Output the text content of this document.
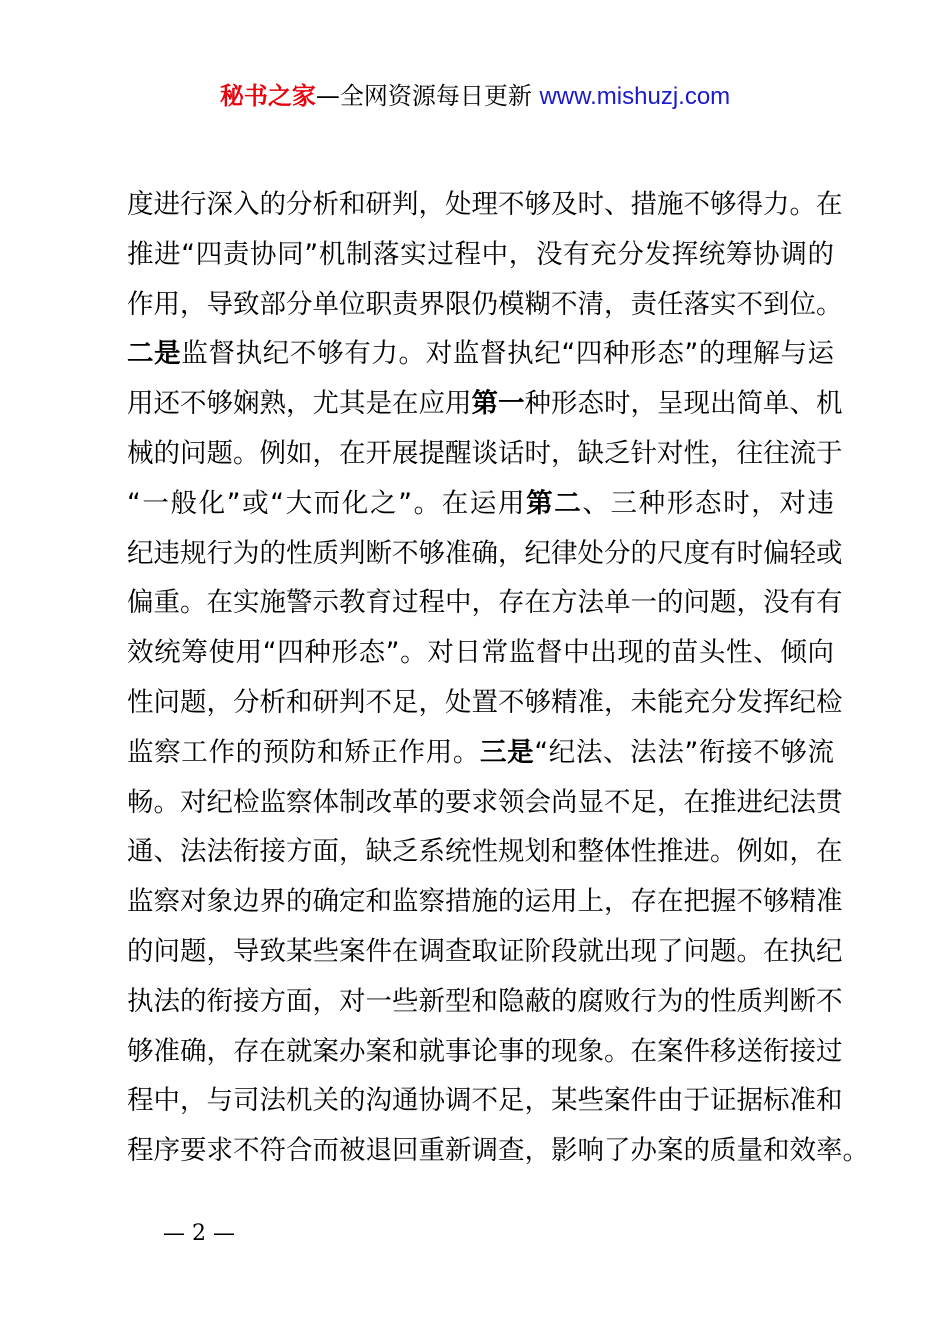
秘书之家—全网资源每日更新 www.mishuzj.com
度进行深入的分析和研判，处理不够及时、措施不够得力。在
推进“四责协同”机制落实过程中，没有充分发挥统筹协调的
作用，导致部分单位职责界限仍模糊不清，责任落实不到位。
二是监督执纪不够有力。对监督执纪“四种形态”的理解与运
用还不够娴熟，尤其是在应用第一种形态时，呈现出简单、机
械的问题。例如，在开展提醒谈话时，缺乏针对性，往往流于
“一般化”或“大而化之”。在运用第二、三种形态时，对违
纪违规行为的性质判断不够准确，纪律处分的尺度有时偏轻或
偏重。在实施警示教育过程中，存在方法单一的问题，没有有
效统筹使用“四种形态”。对日常监督中出现的苗头性、倾向
性问题，分析和研判不足，处置不够精准，未能充分发挥纪检
监察工作的预防和矫正作用。三是“纪法、法法”衔接不够流
畅。对纪检监察体制改革的要求领会尚显不足，在推进纪法贯
通、法法衔接方面，缺乏系统性规划和整体性推进。例如，在
监察对象边界的确定和监察措施的运用上，存在把握不够精准
的问题，导致某些案件在调查取证阶段就出现了问题。在执纪
执法的衔接方面，对一些新型和隐蔽的腐败行为的性质判断不
够准确，存在就案办案和就事论事的现象。在案件移送衔接过
程中，与司法机关的沟通协调不足，某些案件由于证据标准和
程序要求不符合而被退回重新调查，影响了办案的质量和效率。
— 2 —
